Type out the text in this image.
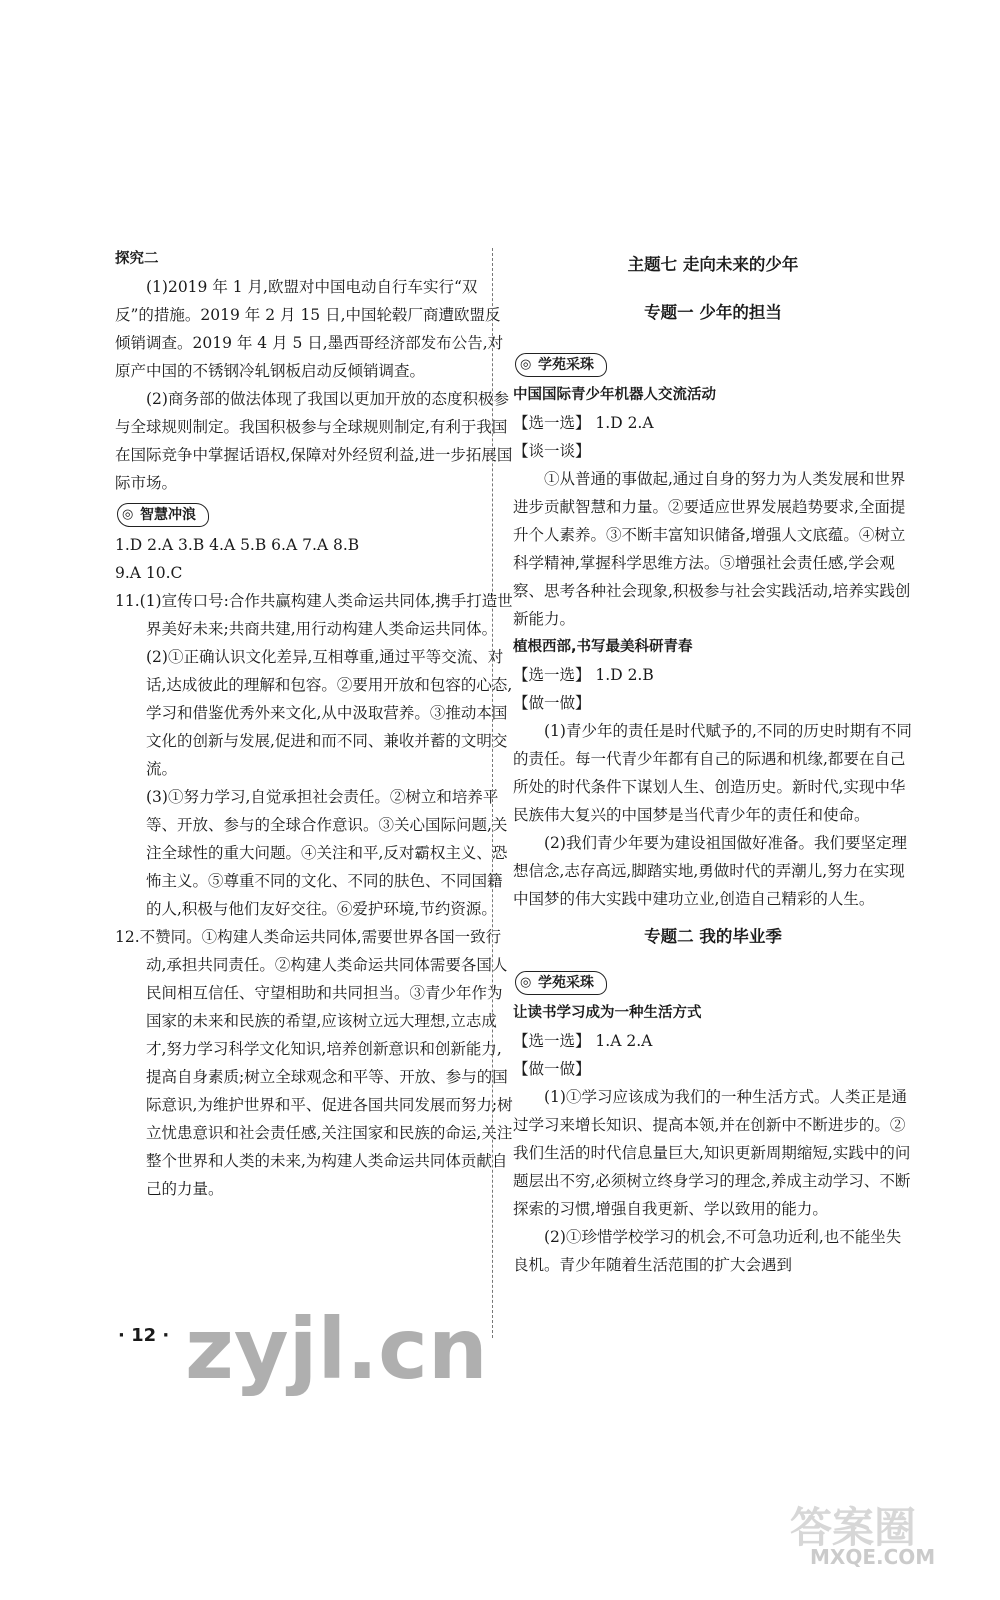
探究二

(1)2019 年 1 月,欧盟对中国电动自行车实行“双反”的措施。2019 年 2 月 15 日,中国轮毂厂商遭欧盟反倾销调查。2019 年 4 月 5 日,墨西哥经济部发布公告,对原产中国的不锈钢冷轧钢板启动反倾销调查。

(2)商务部的做法体现了我国以更加开放的态度积极参与全球规则制定。我国积极参与全球规则制定,有利于我国在国际竞争中掌握话语权,保障对外经贸利益,进一步拓展国际市场。

◎ 智慧冲浪

1.D 2.A 3.B 4.A 5.B 6.A 7.A 8.B

9.A 10.C

11.(1)宣传口号:合作共赢构建人类命运共同体,携手打造世界美好未来;共商共建,用行动构建人类命运共同体。

(2)①正确认识文化差异,互相尊重,通过平等交流、对话,达成彼此的理解和包容。②要用开放和包容的心态,学习和借鉴优秀外来文化,从中汲取营养。③推动本国文化的创新与发展,促进和而不同、兼收并蓄的文明交流。

(3)①努力学习,自觉承担社会责任。②树立和培养平等、开放、参与的全球合作意识。③关心国际问题,关注全球性的重大问题。④关注和平,反对霸权主义、恐怖主义。⑤尊重不同的文化、不同的肤色、不同国籍的人,积极与他们友好交往。⑥爱护环境,节约资源。

12.不赞同。①构建人类命运共同体,需要世界各国一致行动,承担共同责任。②构建人类命运共同体需要各国人民间相互信任、守望相助和共同担当。③青少年作为国家的未来和民族的希望,应该树立远大理想,立志成才,努力学习科学文化知识,培养创新意识和创新能力,提高自身素质;树立全球观念和平等、开放、参与的国际意识,为维护世界和平、促进各国共同发展而努力;树立忧患意识和社会责任感,关注国家和民族的命运,关注整个世界和人类的未来,为构建人类命运共同体贡献自己的力量。

主题七 走向未来的少年

专题一 少年的担当

◎ 学苑采珠

中国国际青少年机器人交流活动

【选一选】 1.D 2.A

【谈一谈】

①从普通的事做起,通过自身的努力为人类发展和世界进步贡献智慧和力量。②要适应世界发展趋势要求,全面提升个人素养。③不断丰富知识储备,增强人文底蕴。④树立科学精神,掌握科学思维方法。⑤增强社会责任感,学会观察、思考各种社会现象,积极参与社会实践活动,培养实践创新能力。

植根西部,书写最美科研青春

【选一选】 1.D 2.B

【做一做】

(1)青少年的责任是时代赋予的,不同的历史时期有不同的责任。每一代青少年都有自己的际遇和机缘,都要在自己所处的时代条件下谋划人生、创造历史。新时代,实现中华民族伟大复兴的中国梦是当代青少年的责任和使命。

(2)我们青少年要为建设祖国做好准备。我们要坚定理想信念,志存高远,脚踏实地,勇做时代的弄潮儿,努力在实现中国梦的伟大实践中建功立业,创造自己精彩的人生。

专题二 我的毕业季

◎ 学苑采珠

让读书学习成为一种生活方式

【选一选】 1.A 2.A

【做一做】

(1)①学习应该成为我们的一种生活方式。人类正是通过学习来增长知识、提高本领,并在创新中不断进步的。②我们生活的时代信息量巨大,知识更新周期缩短,实践中的问题层出不穷,必须树立终身学习的理念,养成主动学习、不断探索的习惯,增强自我更新、学以致用的能力。

(2)①珍惜学校学习的机会,不可急功近利,也不能坐失良机。青少年随着生活范围的扩大会遇到

· 12 · zyjl.cn
答案圈
MXQE.COM
